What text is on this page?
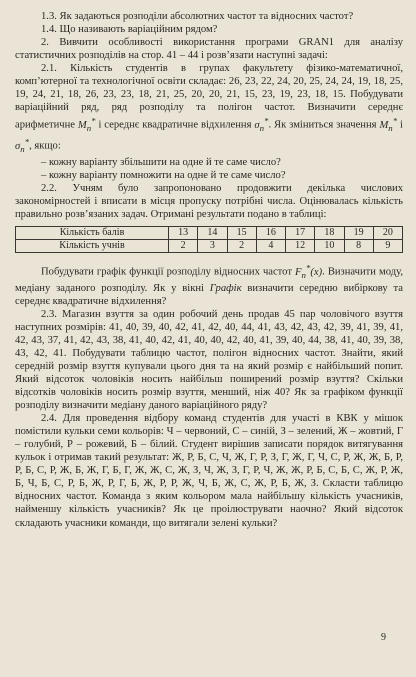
1.3. Як задаються розподіли абсолютних частот та відносних частот?

1.4. Що називають варіаційним рядом?

2. Вивчити особливості використання програми GRAN1 для аналізу статистичних розподілів на стор. 41 – 44 і розв’язати наступні задачі:

2.1. Кількість студентів в групах факультету фізико-математичної, комп’ютерної та технологічної освіти складає: 26, 23, 22, 24, 20, 25, 24, 24, 19, 18, 25, 19, 24, 21, 18, 26, 23, 23, 18, 21, 25, 20, 20, 21, 15, 23, 19, 23, 18, 15. Побудувати варіаційний ряд, ряд розподілу та полігон частот. Визначити середнє арифметичне $M_n^*$ і середнє квадратичне відхилення $\sigma_n^*$. Як зміниться значення $M_n^*$ і $\sigma_n^*$, якщо:

– кожну варіанту збільшити на одне й те саме число?

– кожну варіанту помножити на одне й те саме число?

2.2. Учням було запропоновано продовжити декілька числових закономірностей і вписати в місця пропуску потрібні числа. Оцінювалась кількість правильно розв’язаних задач. Отримані результати подано в таблиці:

Кількість балів	13	14	15	16	17	18	19	20
Кількість учнів	2	3	2	4	12	10	8	9

Побудувати графік функції розподілу відносних частот $F_n^*(x)$. Визначити моду, медіану заданого розподілу. Як у вікні Графік визначити середню вибіркову та середнє квадратичне відхилення?

2.3. Магазин взуття за один робочий день продав 45 пар чоловічого взуття наступних розмірів: 41, 40, 39, 40, 42, 41, 42, 40, 44, 41, 43, 42, 43, 42, 39, 41, 39, 41, 42, 43, 37, 41, 42, 43, 38, 41, 40, 42, 41, 40, 40, 42, 40, 41, 39, 40, 44, 38, 41, 40, 39, 38, 43, 42, 41. Побудувати таблицю частот, полігон відносних частот. Знайти, який середній розмір взуття купували цього дня та на який розмір є найбільший попит. Який відсоток чоловіків носить найбільш поширений розмір взуття? Скільки відсотків чоловіків носить розмір взуття, менший, ніж 40? Як за графіком функції розподілу визначити медіану даного варіаційного ряду?

2.4. Для проведення відбору команд студентів для участі в КВК у мішок помістили кульки семи кольорів: Ч – червоний, С – синій, З – зелений, Ж – жовтий, Г – голубий, Р – рожевий, Б – білий. Студент вирішив записати порядок витягування кульок і отримав такий результат: Ж, Р, Б, С, Ч, Ж, Г, Р, З, Г, Ж, Г, Ч, С, Р, Ж, Ж, Б, Р, Р, Б, С, Р, Ж, Б, Ж, Г, Б, Г, Ж, Ж, С, Ж, З, Ч, Ж, З, Г, Р, Ч, Ж, Ж, Р, Б, С, Б, С, Ж, Р, Ж, Б, Ч, Б, С, Р, Б, Ж, Р, Г, Б, Ж, Р, Р, Ж, Ч, Б, Ж, С, Ж, Р, Б, Ж, З. Скласти таблицю відносних частот. Команда з яким кольором мала найбільшу кількість учасників, найменшу кількість учасників? Як це проілюструвати наочно? Який відсоток складають учасники команди, що витягали зелені кульки?

9
